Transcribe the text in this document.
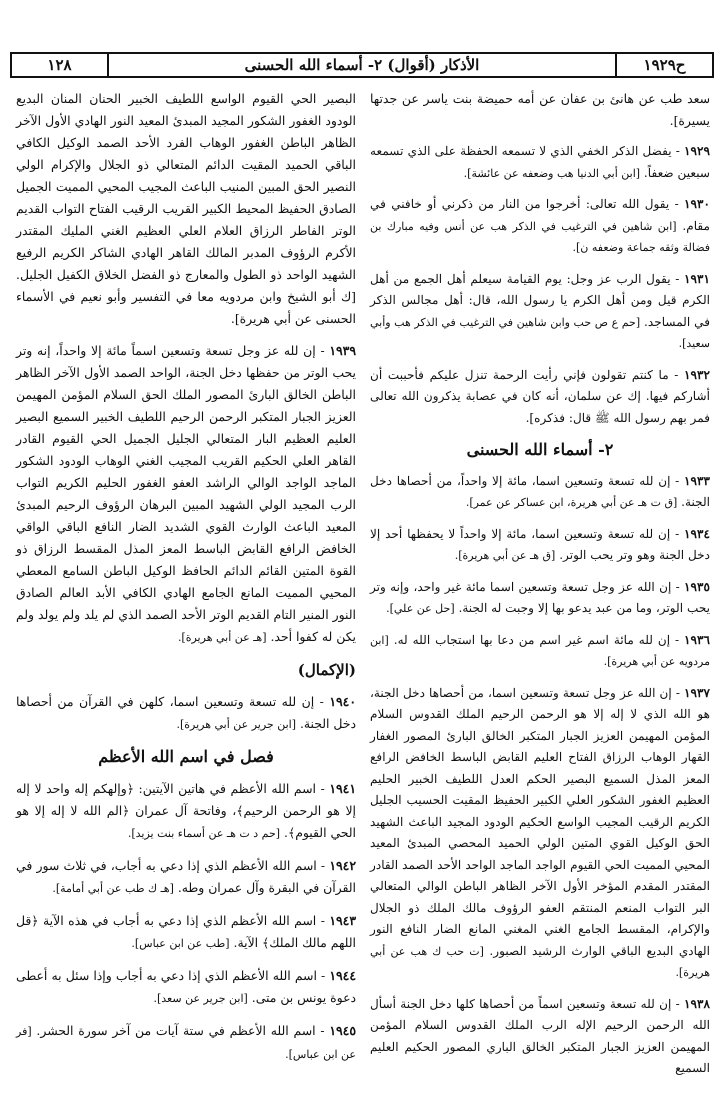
١٢٨	الأذكار (أقوال) ٢- أسماء الله الحسنى	ح١٩٢٩

سعد طب عن هانئ بن عفان عن أمه حميضة بنت ياسر عن جدتها يسيرة].

١٩٢٩ - يفضل الذكر الخفي الذي لا تسمعه الحفظة على الذي تسمعه سبعين ضعفاً. [ابن أبي الدنيا هب وضعفه عن عائشة].
١٩٣٠ - يقول الله تعالى: أخرجوا من النار من ذكرني أو خافني في مقام. [ابن شاهين في الترغيب في الذكر هب عن أنس وفيه مبارك بن فضالة وثقه جماعة وضعفه ن].
١٩٣١ - يقول الرب عز وجل: يوم القيامة سيعلم أهل الجمع من أهل الكرم قيل ومن أهل الكرم يا رسول الله، قال: أهل مجالس الذكر في المساجد. [حم ع ص حب وابن شاهين في الترغيب في الذكر هب وأبي سعيد].
١٩٣٢ - ما كنتم تقولون فإني رأيت الرحمة تنزل عليكم فأحببت أن أشاركم فيها. إك عن سلمان، أنه كان في عصابة يذكرون الله تعالى فمر بهم رسول الله ﷺ قال: فذكره].
٢- أسماء الله الحسنى
١٩٣٣ - إن لله تسعة وتسعين اسما، مائة إلا واحداً، من أحصاها دخل الجنة. [ق ت هـ عن أبي هريرة، ابن عساكر عن عمر].
١٩٣٤ - إن لله تسعة وتسعين اسما، مائة إلا واحداً لا يحفظها أحد إلا دخل الجنة وهو وتر يحب الوتر. [ق هـ عن أبي هريرة].
١٩٣٥ - إن الله عز وجل تسعة وتسعين اسما مائة غير واحد، وإنه وتر يحب الوتر، وما من عبد يدعو بها إلا وجبت له الجنة. [حل عن علي].
١٩٣٦ - إن لله مائة اسم غير اسم من دعا بها استجاب الله له. [ابن مردويه عن أبي هريرة].
١٩٣٧ - إن الله عز وجل تسعة وتسعين اسما، من أحصاها دخل الجنة، هو الله الذي لا إله إلا هو الرحمن الرحيم الملك القدوس السلام المؤمن المهيمن العزيز الجبار المتكبر الخالق البارئ المصور الغفار القهار الوهاب الرزاق الفتاح العليم القابض الباسط الخافض الرافع المعز المذل السميع البصير الحكم العدل اللطيف الخبير الحليم العظيم الغفور الشكور العلي الكبير الحفيظ المقيت الحسيب الجليل الكريم الرقيب المجيب الواسع الحكيم الودود المجيد الباعث الشهيد الحق الوكيل القوي المتين الولي الحميد المحصي المبدئ المعيد المحيي المميت الحي القيوم الواجد الماجد الواحد الأحد الصمد القادر المقتدر المقدم المؤخر الأول الآخر الظاهر الباطن الوالي المتعالي البر التواب المنعم المنتقم العفو الرؤوف مالك الملك ذو الجلال والإكرام، المقسط الجامع الغني المغني المانع الضار النافع النور الهادي البديع الباقي الوارث الرشيد الصبور. [ت حب ك هب عن أبي هريرة].
١٩٣٨ - إن لله تسعة وتسعين اسماً من أحصاها كلها دخل الجنة أسأل الله الرحمن الرحيم الإله الرب الملك القدوس السلام المؤمن المهيمن العزيز الجبار المتكبر الخالق الباري المصور الحكيم العليم السميع

البصير الحي القيوم الواسع اللطيف الخبير الحنان المنان البديع الودود الغفور الشكور المجيد المبدئ المعيد النور الهادي الأول الآخر الظاهر الباطن الغفور الوهاب الفرد الأحد الصمد الوكيل الكافي الباقي الحميد المقيت الدائم المتعالي ذو الجلال والإكرام الولي النصير الحق المبين المنيب الباعث المجيب المحيي المميت الجميل الصادق الحفيظ المحيط الكبير القريب الرقيب الفتاح التواب القديم الوتر الفاطر الرزاق العلام العلي العظيم الغني المليك المقتدر الأكرم الرؤوف المدبر المالك القاهر الهادي الشاكر الكريم الرفيع الشهيد الواحد ذو الطول والمعارج ذو الفضل الخلاق الكفيل الجليل. [ك أبو الشيخ وابن مردويه معا في التفسير وأبو نعيم في الأسماء الحسنى عن أبي هريرة].

١٩٣٩ - إن لله عز وجل تسعة وتسعين اسماً مائة إلا واحداً، إنه وتر يحب الوتر من حفظها دخل الجنة، الواحد الصمد الأول الآخر الظاهر الباطن الخالق البارئ المصور الملك الحق السلام المؤمن المهيمن العزيز الجبار المتكبر الرحمن الرحيم اللطيف الخبير السميع البصير العليم العظيم البار المتعالي الجليل الجميل الحي القيوم القادر القاهر العلي الحكيم القريب المجيب الغني الوهاب الودود الشكور الماجد الواجد الوالي الراشد العفو الغفور الحليم الكريم التواب الرب المجيد الولي الشهيد المبين البرهان الرؤوف الرحيم المبدئ المعيد الباعث الوارث القوي الشديد الضار النافع الباقي الواقي الخافض الرافع القابض الباسط المعز المذل المقسط الرزاق ذو القوة المتين القائم الدائم الحافظ الوكيل الباطن السامع المعطي المحيي المميت المانع الجامع الهادي الكافي الأبد العالم الصادق النور المنير التام القديم الوتر الأحد الصمد الذي لم يلد ولم يولد ولم يكن له كفوا أحد. [هـ عن أبي هريرة].
(الإكمال)
١٩٤٠ - إن لله تسعة وتسعين اسما، كلهن في القرآن من أحصاها دخل الجنة. [ابن جرير عن أبي هريرة].
فصل في اسم الله الأعظم
١٩٤١ - اسم الله الأعظم في هاتين الآيتين: ﴿وإلهكم إله واحد لا إله إلا هو الرحمن الرحيم﴾، وفاتحة آل عمران ﴿الم الله لا إله إلا هو الحي القيوم﴾. [حم د ت هـ عن أسماء بنت يزيد].
١٩٤٢ - اسم الله الأعظم الذي إذا دعي به أجاب، في ثلاث سور في القرآن في البقرة وآل عمران وطه. [هـ ك طب عن أبي أمامة].
١٩٤٣ - اسم الله الأعظم الذي إذا دعي به أجاب في هذه الآية ﴿قل اللهم مالك الملك﴾ الآية. [طب عن ابن عباس].
١٩٤٤ - اسم الله الأعظم الذي إذا دعي به أجاب وإذا سئل به أعطى دعوة يونس بن متى. [ابن جرير عن سعد].
١٩٤٥ - اسم الله الأعظم في ستة آيات من آخر سورة الحشر. [فر عن ابن عباس].
